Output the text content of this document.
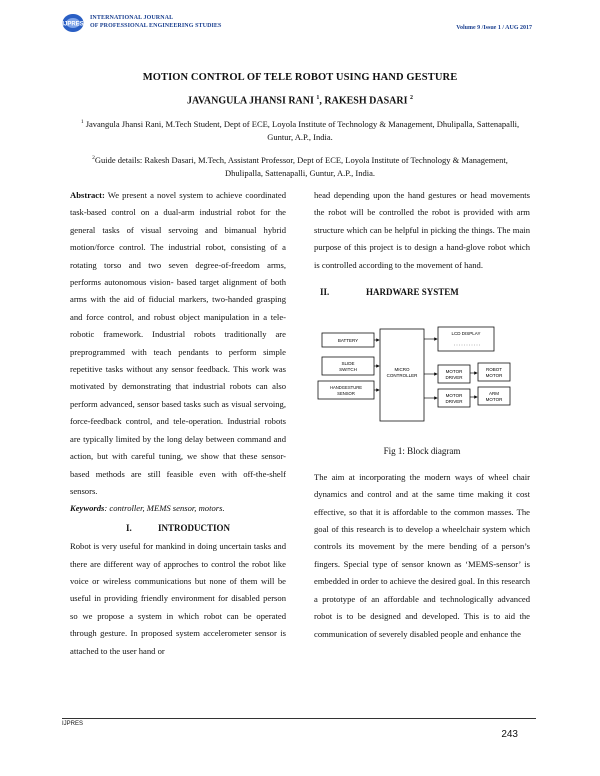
IJPRES
INTERNATIONAL JOURNAL
OF PROFESSIONAL ENGINEERING STUDIES	Volume 9 /Issue 1 / AUG 2017
MOTION CONTROL OF TELE ROBOT USING HAND GESTURE
JAVANGULA JHANSI RANI $^1$, RAKESH DASARI $^2$
$^1$ Javangula Jhansi Rani, M.Tech Student, Dept of ECE, Loyola Institute of Technology & Management, Dhulipalla, Sattenapalli, Guntur, A.P., India.
$^2$Guide details: Rakesh Dasari, M.Tech, Assistant Professor, Dept of ECE, Loyola Institute of Technology & Management, Dhulipalla, Sattenapalli, Guntur, A.P., India.

Abstract: We present a novel system to achieve coordinated task-based control on a dual-arm industrial robot for the general tasks of visual servoing and bimanual hybrid motion/force control. The industrial robot, consisting of a rotating torso and two seven degree-of-freedom arms, performs autonomous vision- based target alignment of both arms with the aid of fiducial markers, two-handed grasping and force control, and robust object manipulation in a tele-robotic framework. Industrial robots traditionally are preprogrammed with teach pendants to perform simple repetitive tasks without any sensor feedback. This work was motivated by demonstrating that industrial robots can also perform advanced, sensor based tasks such as visual servoing, force-feedback control, and tele-operation. Industrial robots are typically limited by the long delay between command and action, but with careful tuning, we show that these sensor-based methods are still feasible even with off-the-shelf sensors.

Keywords: controller, MEMS sensor, motors.

I.	INTRODUCTION

Robot is very useful for mankind in doing uncertain tasks and there are different way of approches to control the robot like voice or wireless communications but none of them will be useful in providing friendly environment for disabled person so we propose a system in which robot can be operated through gesture. In proposed system accelerometer sensor is attached to the user hand or

head depending upon the hand gestures or head movements the robot will be controlled the robot is provided with arm structure which can be helpful in picking the things. The main purpose of this project is to design a hand-glove robot which is controlled according to the movement of hand.

II.	HARDWARE SYSTEM
BATTERY
SLIDE
SWITCH
HANDGESTURE
SENSOR
MICRO
CONTROLLER
LCD DISPLAY
MOTOR
DRIVER
ROBOT
MOTOR
MOTOR
DRIVER
ARM
MOTOR
Fig 1: Block diagram

The aim at incorporating the modern ways of wheel chair dynamics and control and at the same time making it cost effective, so that it is affordable to the common masses. The goal of this research is to develop a wheelchair system which controls its movement by the mere bending of a person’s fingers. Special type of sensor known as ‘MEMS-sensor’ is embedded in order to achieve the desired goal. In this research a prototype of an affordable and technologically advanced robot is to be designed and developed. This is to aid the communication of severely disabled people and enhance the

IJPRES
243
